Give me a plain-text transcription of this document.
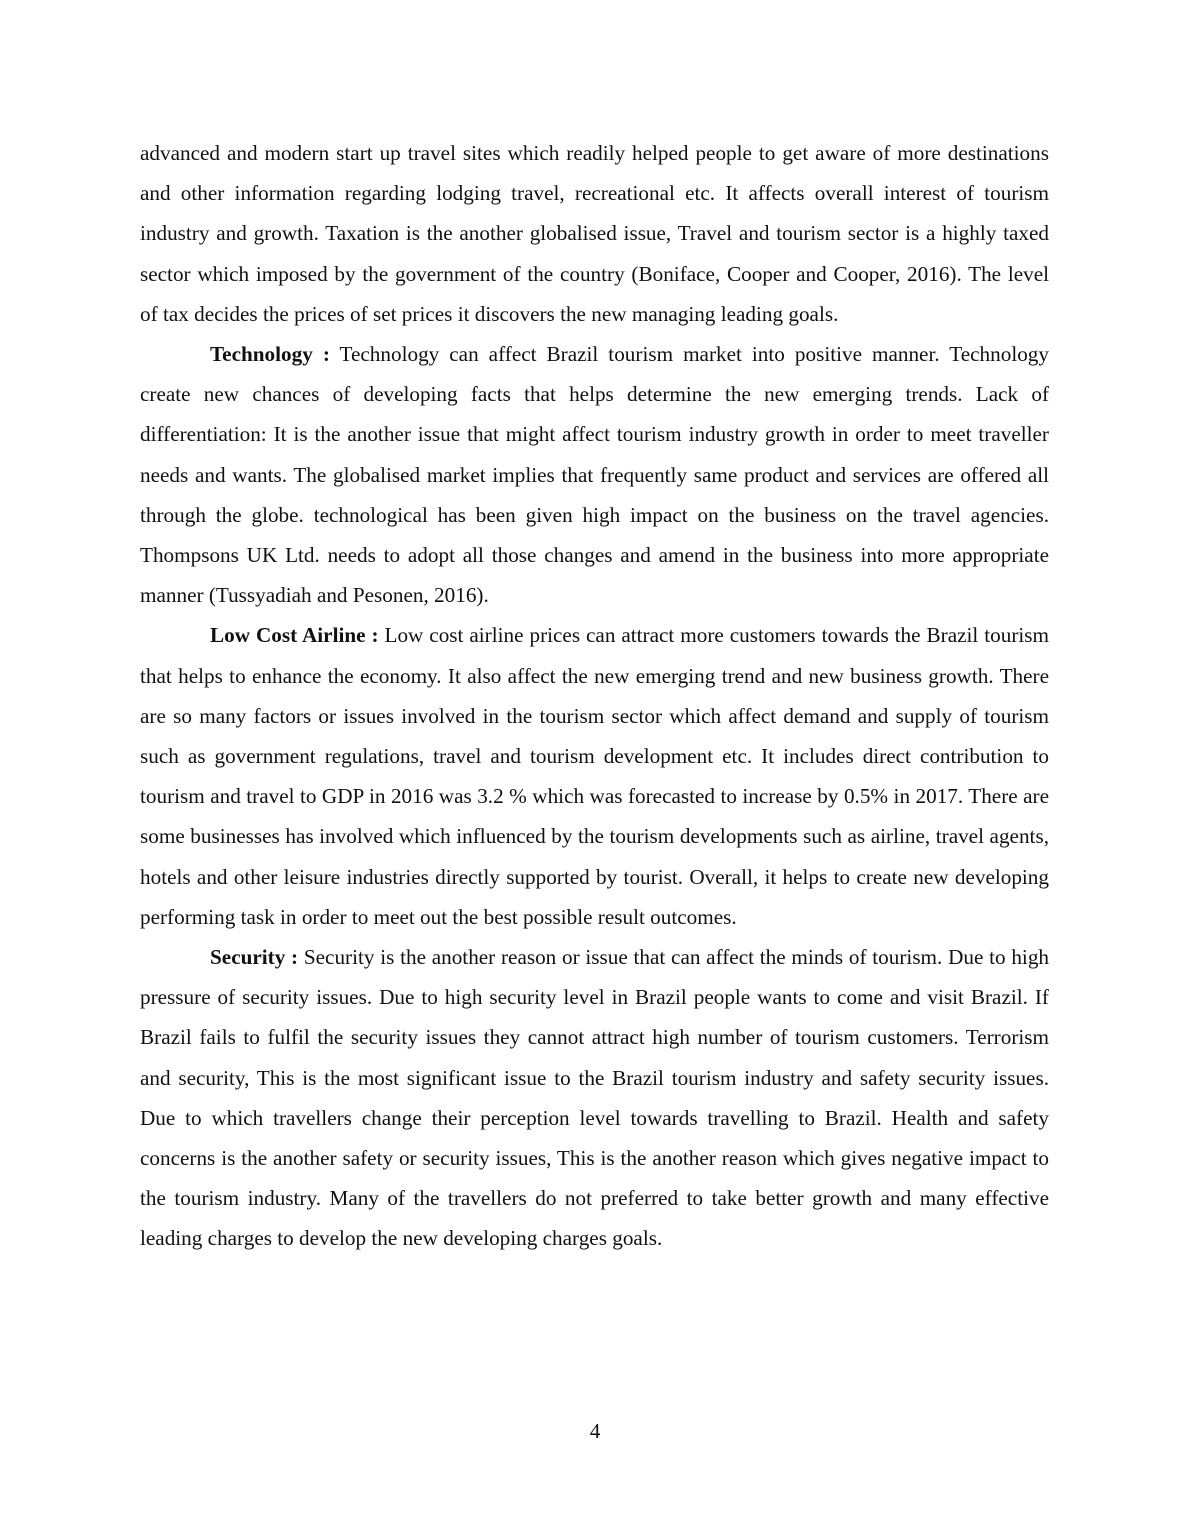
advanced and modern start up travel sites which readily helped people to get aware of more destinations and other information regarding lodging travel, recreational etc. It affects overall interest of tourism industry and growth. Taxation is the another globalised issue, Travel and tourism sector is a highly taxed sector which imposed by the government of the country (Boniface, Cooper and Cooper, 2016). The level of tax decides the prices of set prices it discovers the new managing leading goals.

Technology : Technology can affect Brazil tourism market into positive manner. Technology create new chances of developing facts that helps determine the new emerging trends. Lack of differentiation: It is the another issue that might affect tourism industry growth in order to meet traveller needs and wants. The globalised market implies that frequently same product and services are offered all through the globe. technological has been given high impact on the business on the travel agencies. Thompsons UK Ltd. needs to adopt all those changes and amend in the business into more appropriate manner (Tussyadiah and Pesonen, 2016).

Low Cost Airline : Low cost airline prices can attract more customers towards the Brazil tourism that helps to enhance the economy. It also affect the new emerging trend and new business growth. There are so many factors or issues involved in the tourism sector which affect demand and supply of tourism such as government regulations, travel and tourism development etc. It includes direct contribution to tourism and travel to GDP in 2016 was 3.2 % which was forecasted to increase by 0.5% in 2017. There are some businesses has involved which influenced by the tourism developments such as airline, travel agents, hotels and other leisure industries directly supported by tourist. Overall, it helps to create new developing performing task in order to meet out the best possible result outcomes.

Security : Security is the another reason or issue that can affect the minds of tourism. Due to high pressure of security issues. Due to high security level in Brazil people wants to come and visit Brazil. If Brazil fails to fulfil the security issues they cannot attract high number of tourism customers. Terrorism and security, This is the most significant issue to the Brazil tourism industry and safety security issues. Due to which travellers change their perception level towards travelling to Brazil. Health and safety concerns is the another safety or security issues, This is the another reason which gives negative impact to the tourism industry. Many of the travellers do not preferred to take better growth and many effective leading charges to develop the new developing charges goals.

4
